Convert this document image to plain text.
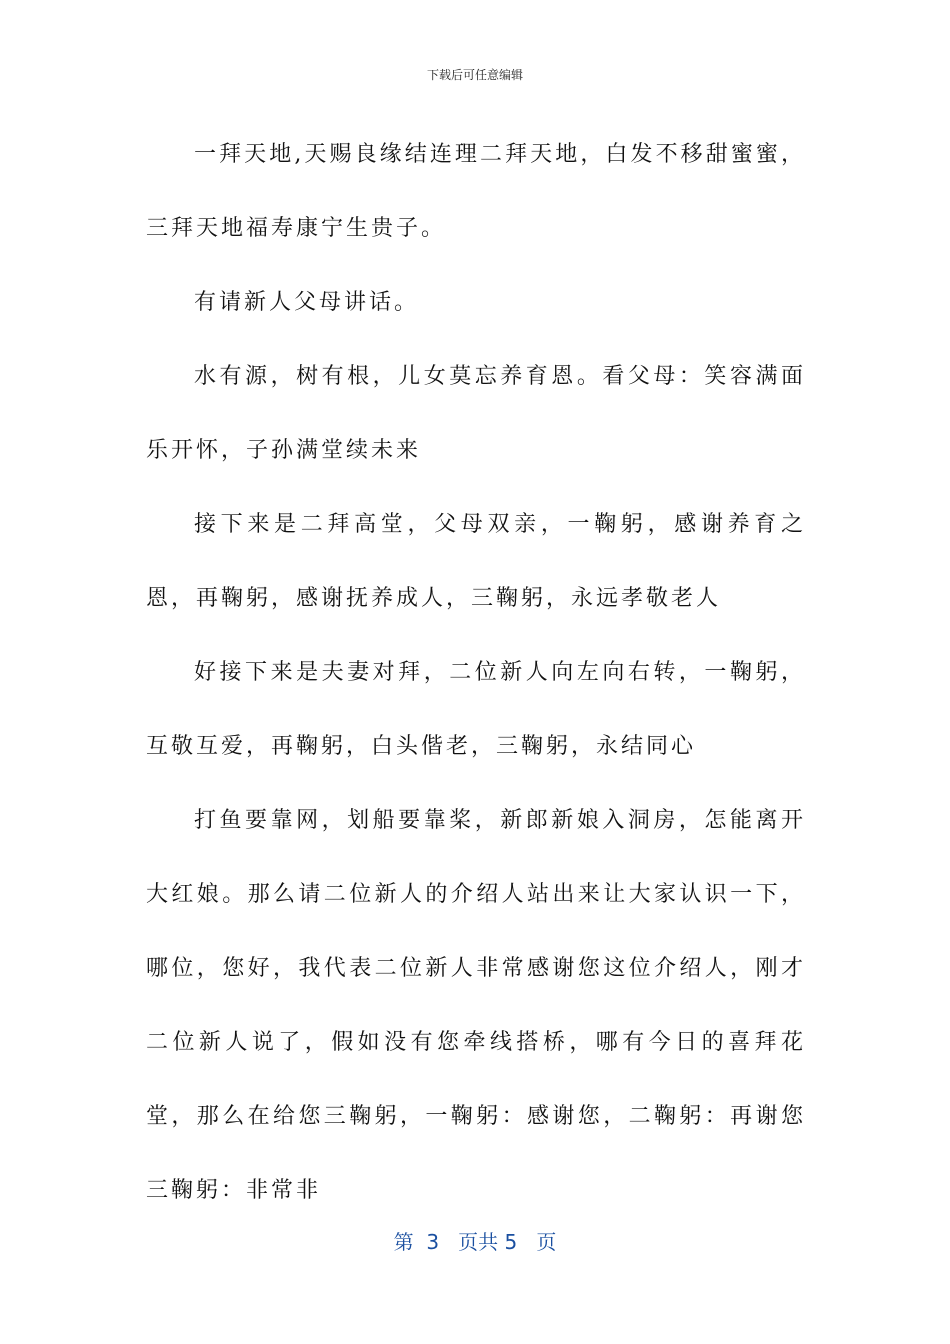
下载后可任意编辑

一拜天地,天赐良缘结连理二拜天地，白发不移甜蜜蜜，三拜天地福寿康宁生贵子。

有请新人父母讲话。

水有源，树有根，儿女莫忘养育恩。看父母：笑容满面乐开怀，子孙满堂续未来

接下来是二拜高堂，父母双亲，一鞠躬，感谢养育之恩，再鞠躬，感谢抚养成人，三鞠躬，永远孝敬老人

好接下来是夫妻对拜，二位新人向左向右转，一鞠躬，互敬互爱，再鞠躬，白头偕老，三鞠躬，永结同心

打鱼要靠网，划船要靠桨，新郎新娘入洞房，怎能离开大红娘。那么请二位新人的介绍人站出来让大家认识一下，哪位，您好，我代表二位新人非常感谢您这位介绍人，刚才二位新人说了，假如没有您牵线搭桥，哪有今日的喜拜花堂，那么在给您三鞠躬，一鞠躬：感谢您，二鞠躬：再谢您三鞠躬：非常非

第 3 页共 5 页
